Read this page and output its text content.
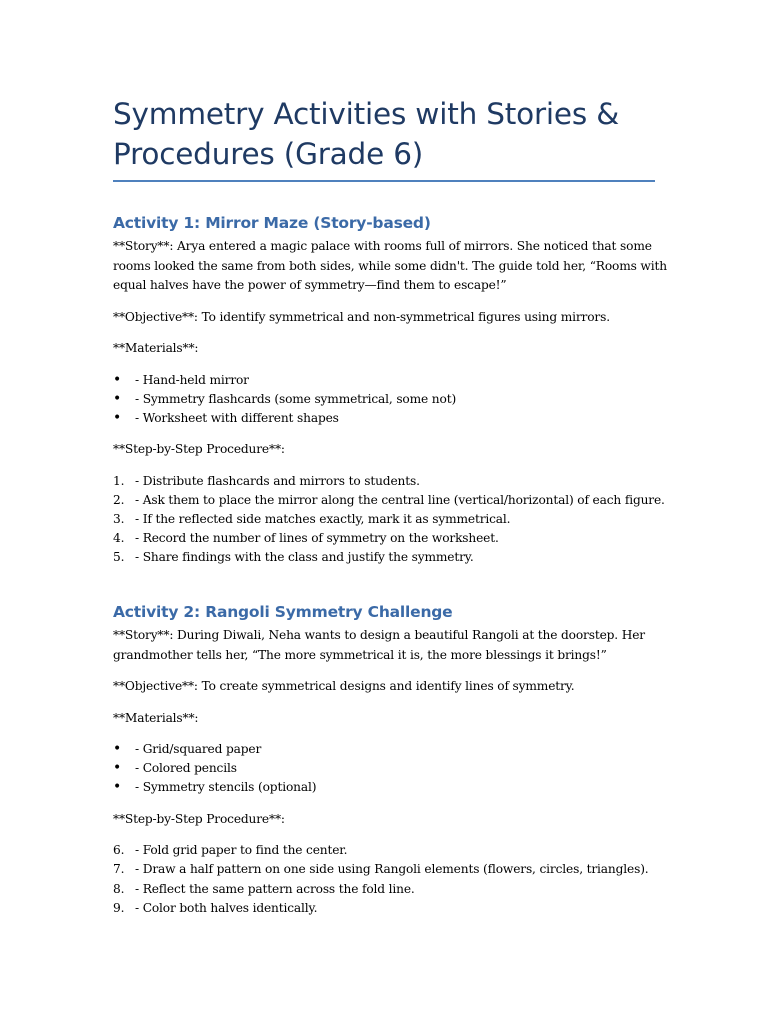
Symmetry Activities with Stories & Procedures (Grade 6)
Activity 1: Mirror Maze (Story-based)

**Story**: Arya entered a magic palace with rooms full of mirrors. She noticed that some rooms looked the same from both sides, while some didn't. The guide told her, “Rooms with equal halves have the power of symmetry—find them to escape!”

**Objective**: To identify symmetrical and non-symmetrical figures using mirrors.

**Materials**:

• - Hand-held mirror
• - Symmetry flashcards (some symmetrical, some not)
• - Worksheet with different shapes

**Step-by-Step Procedure**:

1. - Distribute flashcards and mirrors to students.
2. - Ask them to place the mirror along the central line (vertical/horizontal) of each figure.
3. - If the reflected side matches exactly, mark it as symmetrical.
4. - Record the number of lines of symmetry on the worksheet.
5. - Share findings with the class and justify the symmetry.
Activity 2: Rangoli Symmetry Challenge

**Story**: During Diwali, Neha wants to design a beautiful Rangoli at the doorstep. Her grandmother tells her, “The more symmetrical it is, the more blessings it brings!”

**Objective**: To create symmetrical designs and identify lines of symmetry.

**Materials**:

• - Grid/squared paper
• - Colored pencils
• - Symmetry stencils (optional)

**Step-by-Step Procedure**:

6. - Fold grid paper to find the center.
7. - Draw a half pattern on one side using Rangoli elements (flowers, circles, triangles).
8. - Reflect the same pattern across the fold line.
9. - Color both halves identically.
